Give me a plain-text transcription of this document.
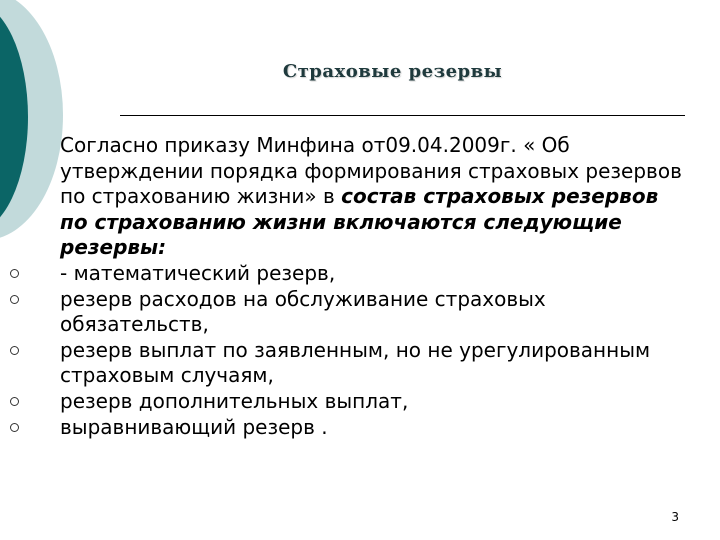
Страховые резервы

Согласно приказу Минфина от09.04.2009г. « Об утверждении порядка формирования страховых резервов по страхованию жизни» в состав страховых резервов по страхованию жизни включаются следующие резервы:

- математический резерв,
резерв расходов на обслуживание страховых обязательств,
резерв выплат по заявленным, но не урегулированным страховым случаям,
резерв дополнительных выплат,
выравнивающий резерв .
3
